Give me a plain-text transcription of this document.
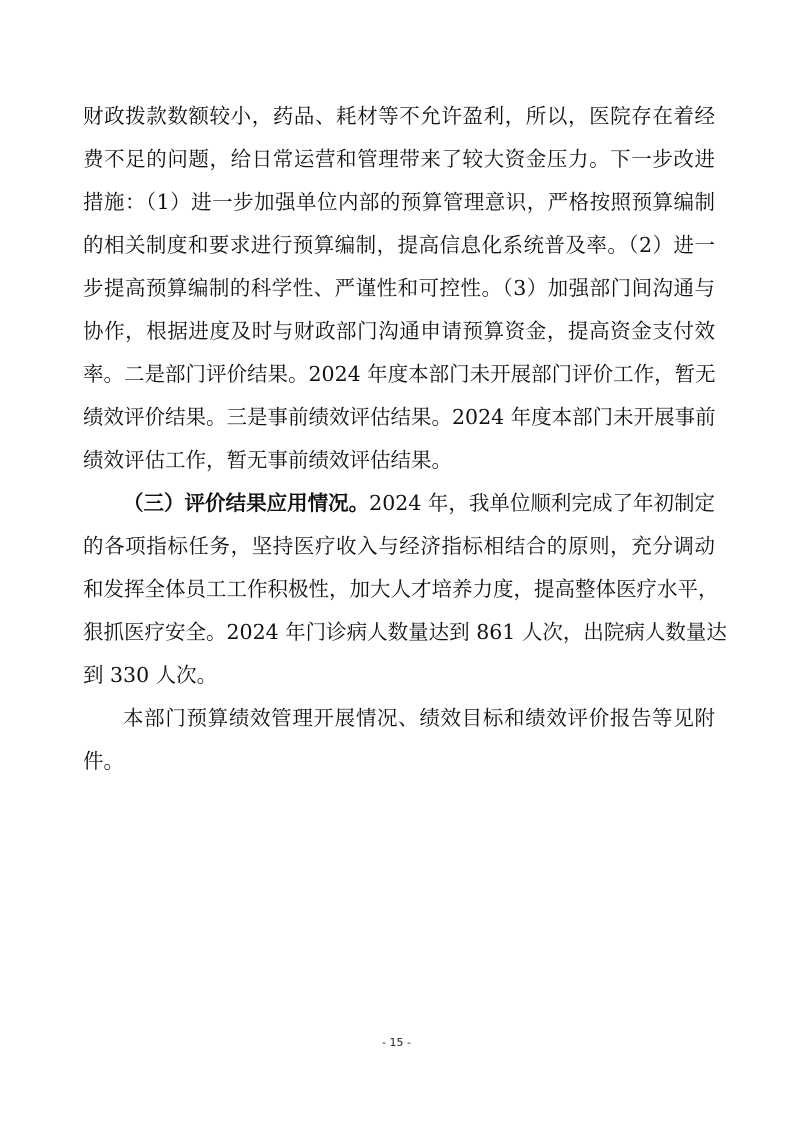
财政拨款数额较小，药品、耗材等不允许盈利，所以，医院存在着经
费不足的问题，给日常运营和管理带来了较大资金压力。下一步改进
措施：（1）进一步加强单位内部的预算管理意识，严格按照预算编制
的相关制度和要求进行预算编制，提高信息化系统普及率。（2）进一
步提高预算编制的科学性、严谨性和可控性。（3）加强部门间沟通与
协作，根据进度及时与财政部门沟通申请预算资金，提高资金支付效
率。二是部门评价结果。2024 年度本部门未开展部门评价工作，暂无
绩效评价结果。三是事前绩效评估结果。2024 年度本部门未开展事前
绩效评估工作，暂无事前绩效评估结果。
（三）评价结果应用情况。2024 年，我单位顺利完成了年初制定
的各项指标任务，坚持医疗收入与经济指标相结合的原则，充分调动
和发挥全体员工工作积极性，加大人才培养力度，提高整体医疗水平，
狠抓医疗安全。2024 年门诊病人数量达到 861 人次，出院病人数量达
到 330 人次。
本部门预算绩效管理开展情况、绩效目标和绩效评价报告等见附
件。
- 15 -
